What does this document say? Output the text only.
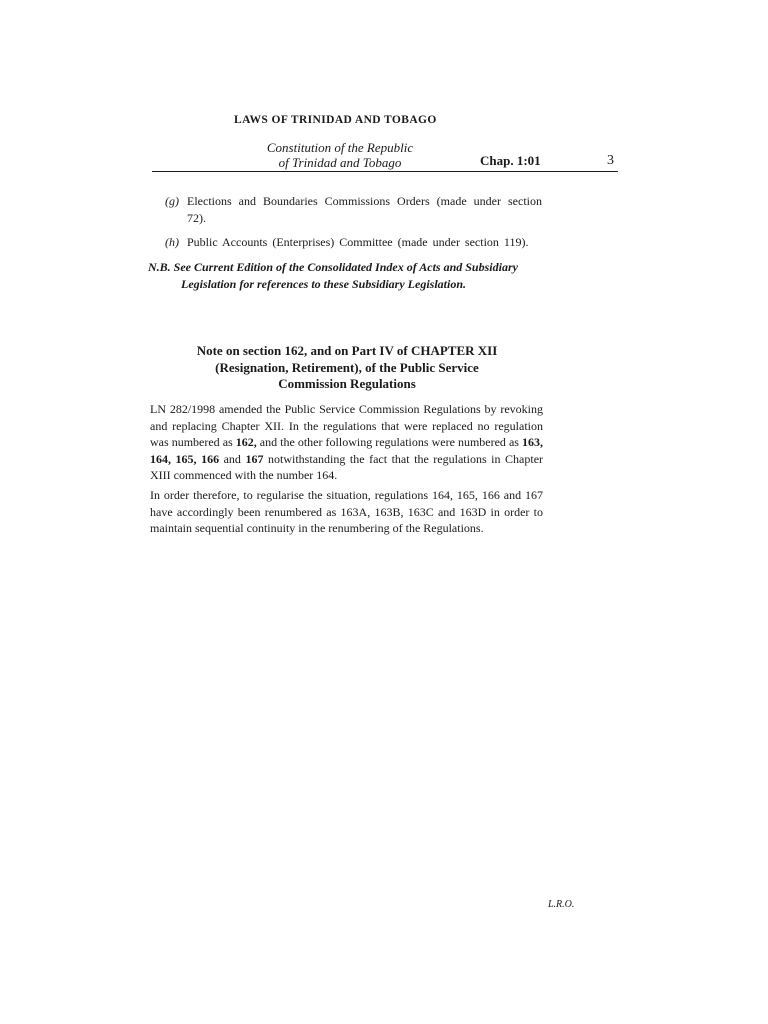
LAWS OF TRINIDAD AND TOBAGO
Constitution of the Republic
of Trinidad and Tobago	Chap. 1:01	3
(g) Elections and Boundaries Commissions Orders (made under section 72).
(h) Public Accounts (Enterprises) Committee (made under section 119).
N.B. See Current Edition of the Consolidated Index of Acts and Subsidiary
Legislation for references to these Subsidiary Legislation.
Note on section 162, and on Part IV of CHAPTER XII
(Resignation, Retirement), of the Public Service
Commission Regulations
LN 282/1998 amended the Public Service Commission Regulations by revoking and replacing Chapter XII. In the regulations that were replaced no regulation was numbered as 162, and the other following regulations were numbered as 163, 164, 165, 166 and 167 notwithstanding the fact that the regulations in Chapter XIII commenced with the number 164.
In order therefore, to regularise the situation, regulations 164, 165, 166 and 167 have accordingly been renumbered as 163A, 163B, 163C and 163D in order to maintain sequential continuity in the renumbering of the Regulations.
L.R.O.
